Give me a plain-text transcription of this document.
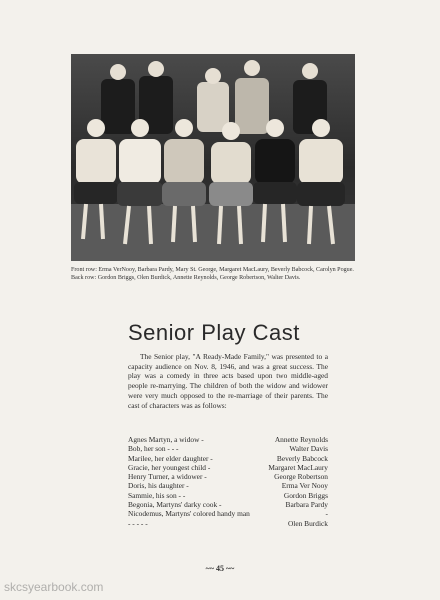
Front row: Erma VerNooy, Barbara Pardy, Mary St. George, Margaret MacLaury, Beverly Babcock, Carolyn Pogue.

Back row: Gordon Briggs, Olen Burdick, Annette Reynolds, George Robertson, Walter Davis.

Senior Play Cast

The Senior play, "A Ready-Made Family," was presented to a capacity audience on Nov. 8, 1946, and was a great success. The play was a comedy in three acts based upon two middle-aged people re-marrying. The children of both the widow and widower were very much opposed to the re-marriage of their parents. The cast of characters was as follows:

Agnes Martyn, a widow -	Annette Reynolds
Bob, her son - - -	Walter Davis
Marilee, her elder daughter -	Beverly Babcock
Gracie, her youngest child -	Margaret MacLaury
Henry Turner, a widower -	George Robertson
Doris, his daughter -	Erma Ver Nooy
Sammie, his son - -	Gordon Briggs
Begonia, Martyns' darky cook -	Barbara Pardy
Nicodemus, Martyns' colored handy man	-
- - - - -	Olen Burdick
~~ 45 ~~
skcsyearbook.com
